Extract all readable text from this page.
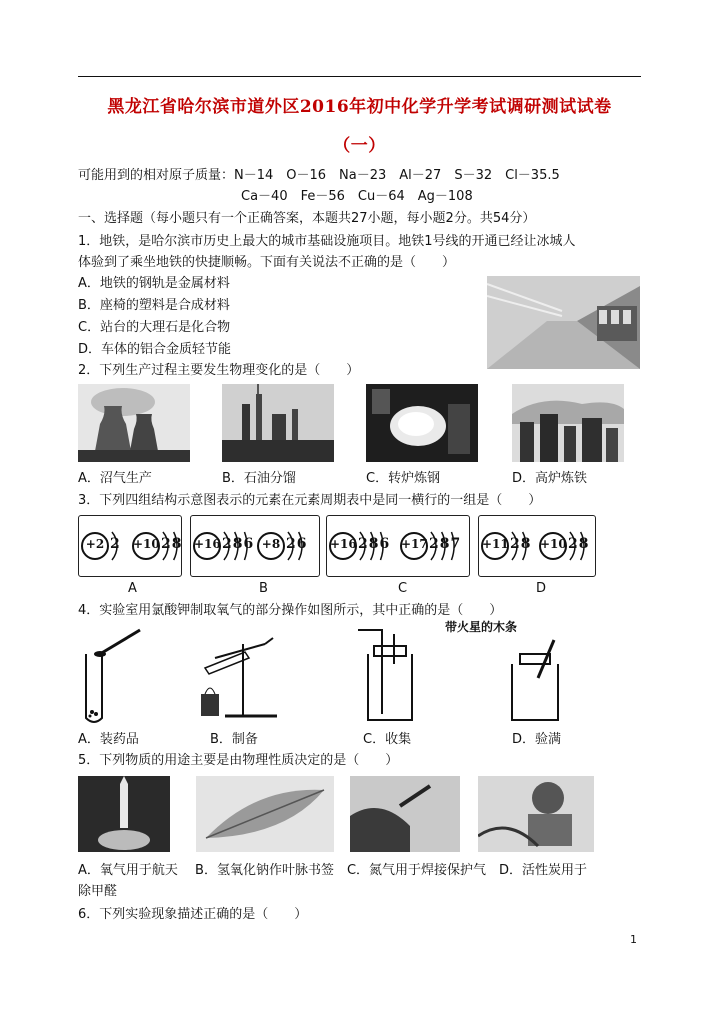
黑龙江省哈尔滨市道外区2016年初中化学升学考试调研测试试卷
（一）
可能用到的相对原子质量：N－14　O－16　Na－23　Al－27　S－32　Cl－35.5
Ca－40　Fe－56　Cu－64　Ag－108
一、选择题（每小题只有一个正确答案，本题共27小题，每小题2分。共54分）
1．地铁，是哈尔滨市历史上最大的城市基础设施项目。地铁1号线的开通已经让冰城人
体验到了乘坐地铁的快捷顺畅。下面有关说法不正确的是（　　）
A．地铁的钢轨是金属材料
B．座椅的塑料是合成材料
C．站台的大理石是化合物
D．车体的铝合金质轻节能
2．下列生产过程主要发生物理变化的是（　　）
A．沼气生产	B．石油分馏	C．转炉炼钢	D．高炉炼铁
3．下列四组结构示意图表示的元素在元素周期表中是同一横行的一组是（　　）
+2 2 +10 28
A
+16 286 +8 26
B
+16 286 +17 287
C
+11 28 +10 28
D
4．实验室用氯酸钾制取氧气的部分操作如图所示，其中正确的是（　　）
带火星的木条
A．装药品	B．制备	C．收集	D．验满
5．下列物质的用途主要是由物理性质决定的是（　　）
A．氧气用于航天　 B．氢氧化钠作叶脉书签　C．氮气用于焊接保护气　D．活性炭用于
除甲醛
6．下列实验现象描述正确的是（　　）
1
